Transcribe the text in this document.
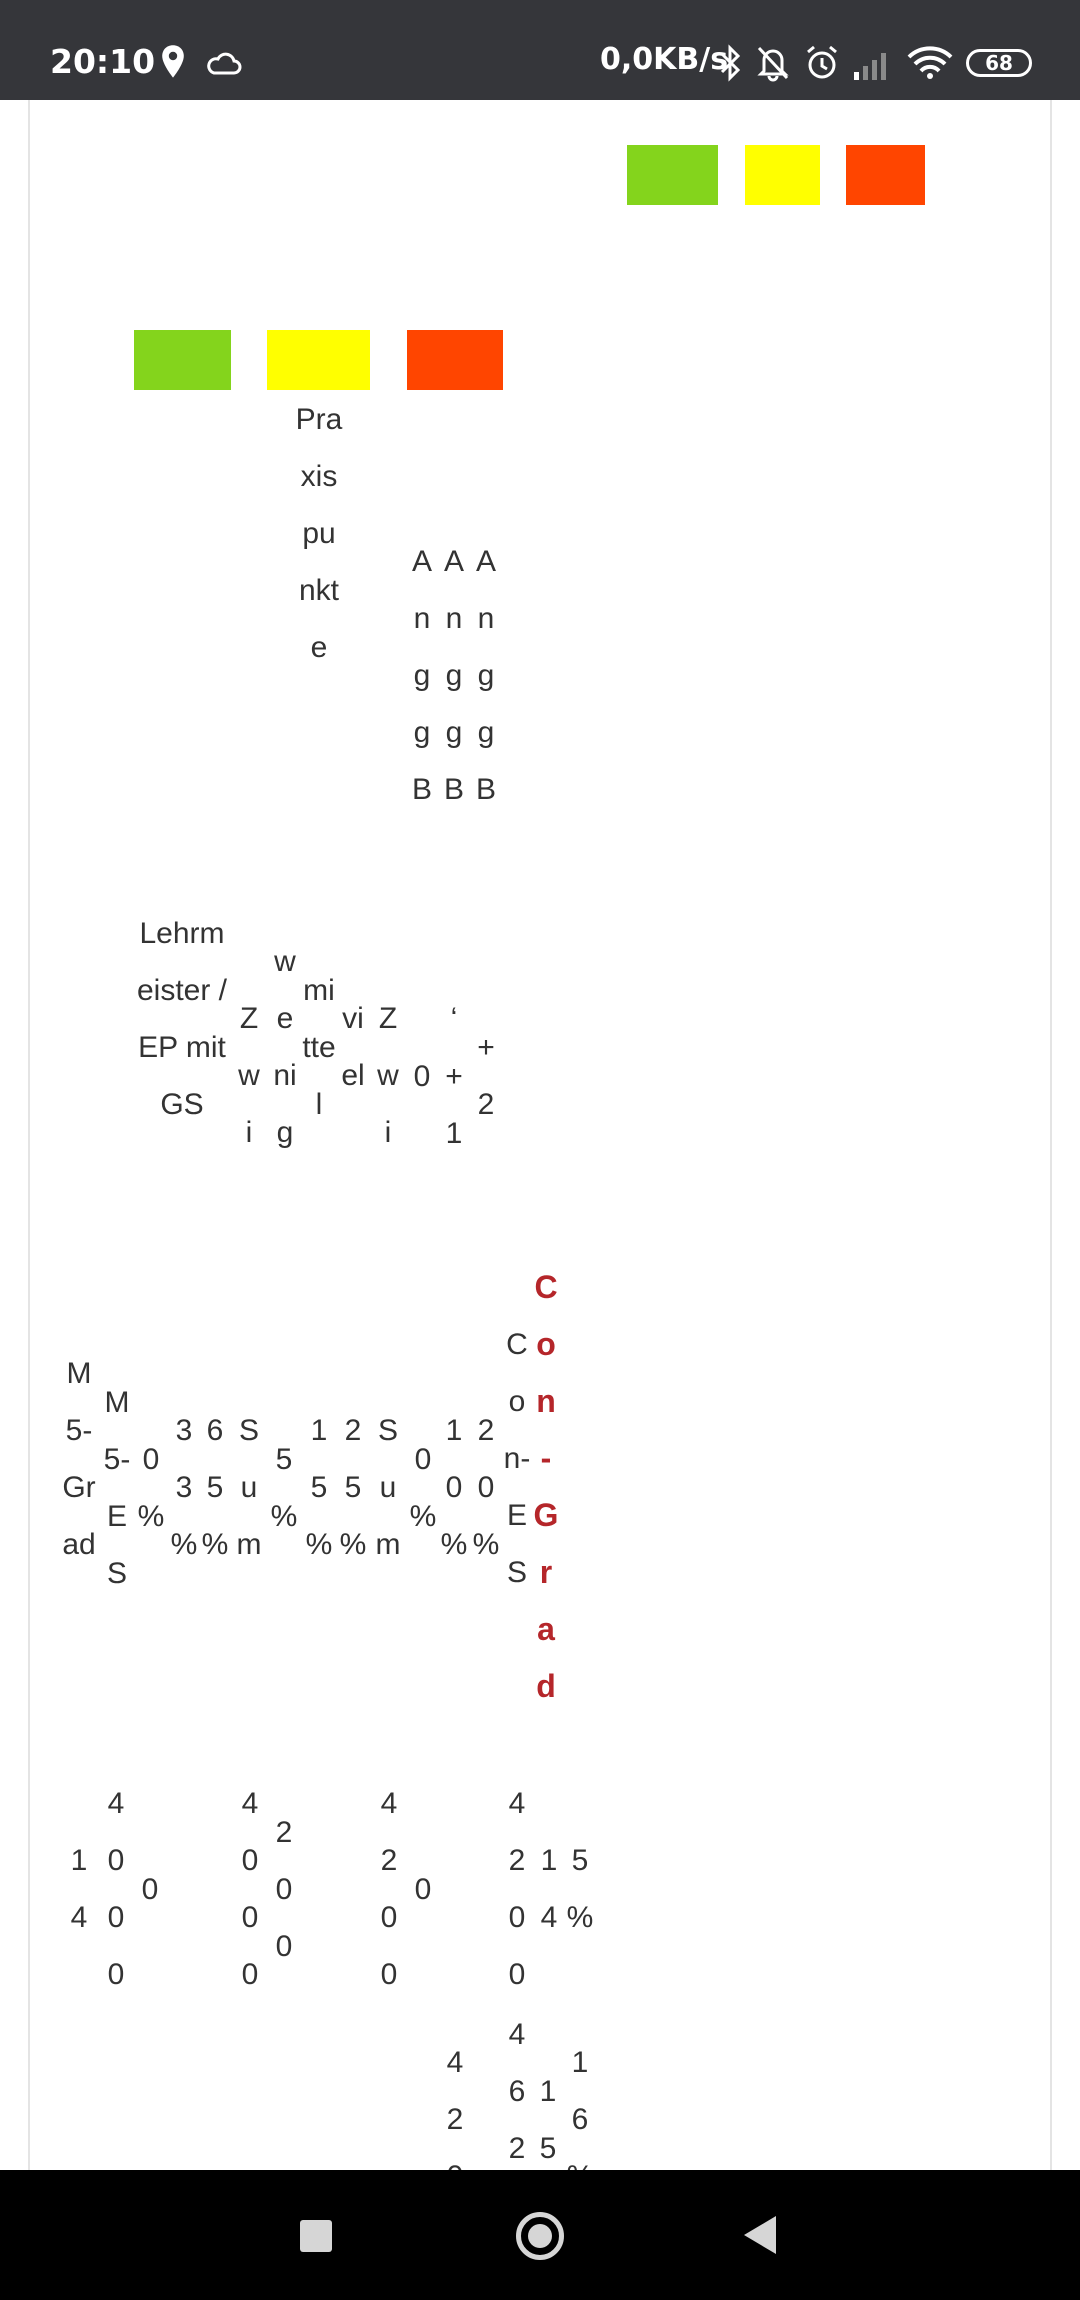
20:10	0,0KB/s	68
Praxispunkte
AnggB
AnggB
AnggB
Lehrmeister / EP mit GS
Zwi
wenig
mittel
viel
Zwi
0
‘
+1
+2
M5-Grad
M5-ES
0%
33%
65%
Sum
5%
15%
25%
Sum
0%
10%
20%
Con-ES
Con-Grad
14
4000
0
4000
200
4200
0
4200
14
5%
42
462
15
16
